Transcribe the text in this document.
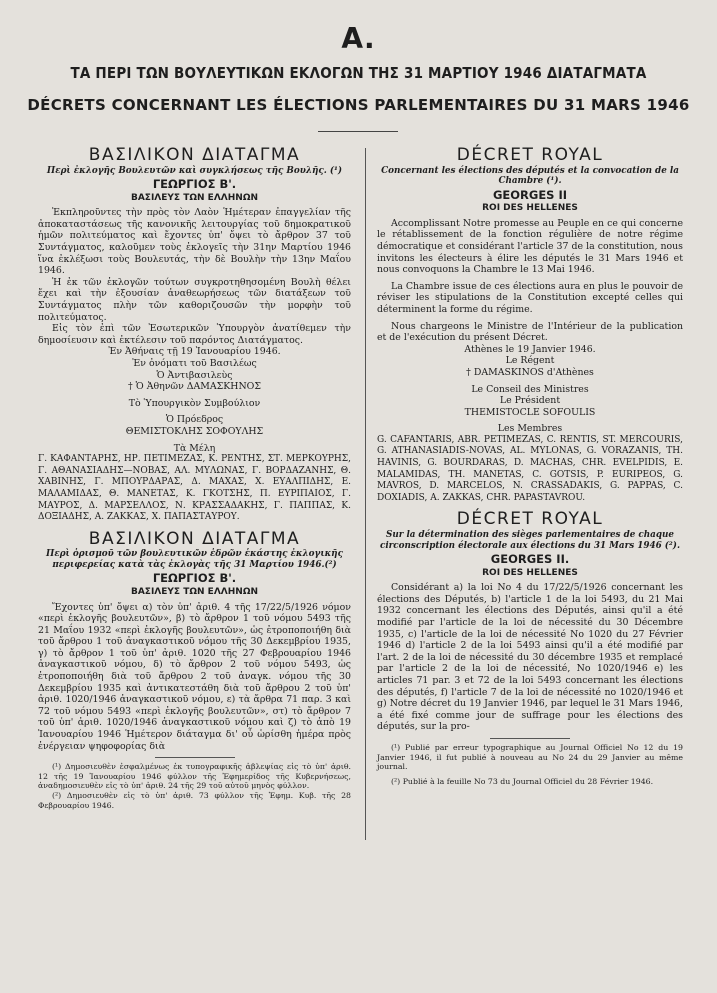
Α.
ΤΑ ΠΕΡΙ ΤΩΝ ΒΟΥΛΕΥΤΙΚΩΝ ΕΚΛΟΓΩΝ ΤΗΣ 31 ΜΑΡΤΙΟΥ 1946 ΔΙΑΤΑΓΜΑΤΑ
DÉCRETS CONCERNANT LES ÉLECTIONS PARLEMENTAIRES DU 31 MARS 1946
ΒΑΣΙΛΙΚΟΝ ΔΙΑΤΑΓΜΑ

Περὶ ἐκλογῆς Βουλευτῶν καὶ συγκλήσεως τῆς Βουλῆς. (¹)

ΓΕΩΡΓΙΟΣ Β'.
ΒΑΣΙΛΕΥΣ ΤΩΝ ΕΛΛΗΝΩΝ

Ἐκπληροῦντες τὴν πρὸς τὸν Λαὸν Ἡμέτεραν ἐπαγγελίαν τῆς ἀποκαταστάσεως τῆς κανονικῆς λειτουργίας τοῦ δημοκρατικοῦ ἡμῶν πολιτεύματος καὶ ἔχοντες ὑπ' ὄψει τὸ ἄρθρον 37 τοῦ Συντάγματος, καλοῦμεν τοὺς ἐκλογεῖς τὴν 31ην Μαρτίου 1946 ἵνα ἐκλέξωσι τοὺς Βουλευτάς, τὴν δὲ Βουλὴν τὴν 13ην Μαΐου 1946.

Ἡ ἐκ τῶν ἐκλογῶν τούτων συγκροτηθησομένη Βουλὴ θέλει ἔχει καὶ τὴν ἐξουσίαν ἀναθεωρήσεως τῶν διατάξεων τοῦ Συντάγματος πλὴν τῶν καθοριζουσῶν τὴν μορφὴν τοῦ πολιτεύματος.

Εἰς τὸν ἐπὶ τῶν Ἐσωτερικῶν Ὑπουργὸν ἀνατίθεμεν τὴν δημοσίευσιν καὶ ἐκτέλεσιν τοῦ παρόντος Διατάγματος.

Ἐν Ἀθήναις τῇ 19 Ἰανουαρίου 1946.

Ἐν ὀνόματι τοῦ Βασιλέως

Ὁ Ἀντιβασιλεὺς

† Ὁ Ἀθηνῶν ΔΑΜΑΣΚΗΝΟΣ

Τὸ Ὑπουργικὸν Συμβούλιον

Ὁ Πρόεδρος

ΘΕΜΙΣΤΟΚΛΗΣ ΣΟΦΟΥΛΗΣ

Τὰ Μέλη

Γ. ΚΑΦΑΝΤΑΡΗΣ, ΗΡ. ΠΕΤΙΜΕΖΑΣ, Κ. ΡΕΝΤΗΣ, ΣΤ. ΜΕΡΚΟΥΡΗΣ, Γ. ΑΘΑΝΑΣΙΑΔΗΣ—ΝΟΒΑΣ, ΑΛ. ΜΥΛΩΝΑΣ, Γ. ΒΟΡΔΑΖΑΝΗΣ, Θ. ΧΑΒΙΝΗΣ, Γ. ΜΠΟΥΡΔΑΡΑΣ, Δ. ΜΑΧΑΣ, Χ. ΕΥΑΛΠΙΔΗΣ, Ε. ΜΑΛΑΜΙΔΑΣ, Θ. ΜΑΝΕΤΑΣ, Κ. ΓΚΟΤΣΗΣ, Π. ΕΥΡΙΠΑΙΟΣ, Γ. ΜΑΥΡΟΣ, Δ. ΜΑΡΣΕΛΛΟΣ, Ν. ΚΡΑΣΣΑΔΑΚΗΣ, Γ. ΠΑΠΠΑΣ, Κ. ΔΟΞΙΑΔΗΣ, Α. ΖΑΚΚΑΣ, Χ. ΠΑΠΑΣΤΑΥΡΟΥ.

ΒΑΣΙΛΙΚΟΝ ΔΙΑΤΑΓΜΑ

Περὶ ὁρισμοῦ τῶν βουλευτικῶν ἑδρῶν ἑκάστης ἐκλογικῆς περιφερείας κατὰ τὰς ἐκλογὰς τῆς 31 Μαρτίου 1946.(²)

ΓΕΩΡΓΙΟΣ Β'.
ΒΑΣΙΛΕΥΣ ΤΩΝ ΕΛΛΗΝΩΝ

Ἔχοντες ὑπ' ὄψει α) τὸν ὑπ' ἀριθ. 4 τῆς 17/22/5/1926 νόμον «περὶ ἐκλογῆς βουλευτῶν», β) τὸ ἄρθρον 1 τοῦ νόμου 5493 τῆς 21 Μαΐου 1932 «περὶ ἐκλογῆς βουλευτῶν», ὡς ἐτροποποιήθη διὰ τοῦ ἄρθρου 1 τοῦ ἀναγκαστικοῦ νόμου τῆς 30 Δεκεμβρίου 1935, γ) τὸ ἄρθρον 1 τοῦ ὑπ' ἀριθ. 1020 τῆς 27 Φεβρουαρίου 1946 ἀναγκαστικοῦ νόμου, δ) τὸ ἄρθρον 2 τοῦ νόμου 5493, ὡς ἐτροποποιήθη διὰ τοῦ ἄρθρου 2 τοῦ ἀναγκ. νόμου τῆς 30 Δεκεμβρίου 1935 καὶ ἀντικατεστάθη διὰ τοῦ ἄρθρου 2 τοῦ ὑπ' ἀριθ. 1020/1946 ἀναγκαστικοῦ νόμου, ε) τὰ ἄρθρα 71 παρ. 3 καὶ 72 τοῦ νόμου 5493 «περὶ ἐκλογῆς βουλευτῶν», στ) τὸ ἄρθρον 7 τοῦ ὑπ' ἀριθ. 1020/1946 ἀναγκαστικοῦ νόμου καὶ ζ) τὸ ἀπὸ 19 Ἰανουαρίου 1946 Ἡμέτερον διάταγμα δι' οὗ ὡρίσθη ἡμέρα πρὸς ἐνέργειαν ψηφοφορίας διὰ

(¹) Δημοσιευθὲν ἐσφαλμένως ἐκ τυπογραφικῆς ἀβλεψίας εἰς τὸ ὑπ' ἀριθ. 12 τῆς 19 Ἰανουαρίου 1946 φύλλον τῆς Ἐφημερίδος τῆς Κυβερνήσεως, ἀναδημοσιευθὲν εἰς τὸ ὑπ' ἀριθ. 24 τῆς 29 τοῦ αὐτοῦ μηνὸς φύλλον.

(²) Δημοσιευθὲν εἰς τὸ ὑπ' ἀριθ. 73 φύλλον τῆς Ἐφημ. Κυβ. τῆς 28 Φεβρουαρίου 1946.

DÉCRET ROYAL

Concernant les élections des députés et la convocation de la Chambre (¹).

GEORGES II
ROI DES HELLENES

Accomplissant Notre promesse au Peuple en ce qui concerne le rétablissement de la fonction régulière de notre régime démocratique et considérant l'article 37 de la constitution, nous invitons les électeurs à élire les députés le 31 Mars 1946 et nous convoquons la Chambre le 13 Mai 1946.

La Chambre issue de ces élections aura en plus le pouvoir de réviser les stipulations de la Constitution excepté celles qui déterminent la forme du régime.

Nous chargeons le Ministre de l'Intérieur de la publication et de l'exécution du présent Décret.

Athènes le 19 Janvier 1946.

Le Régent

† DAMASKINOS d'Athènes

Le Conseil des Ministres

Le Président

THEMISTOCLE SOFOULIS

Les Membres

G. CAFANTARIS, ABR. PETIMEZAS, C. RENTIS, ST. MERCOURIS, G. ATHANASIADIS-NOVAS, AL. MYLONAS, G. VORAZANIS, TH. HAVINIS, G. BOURDARAS, D. MACHAS, CHR. EVELPIDIS, E. MALAMIDAS, TH. MANETAS, C. GOTSIS, P. EURIPEOS, G. MAVROS, D. MARCELOS, N. CRASSADAKIS, G. PAPPAS, C. DOXIADIS, A. ZAKKAS, CHR. PAPASTAVROU.

DÉCRET ROYAL

Sur la détermination des sièges parlementaires de chaque circonscription électorale aux élections du 31 Mars 1946 (²).

GEORGES II.
ROI DES HELLENES

Considérant a) la loi No 4 du 17/22/5/1926 concernant les élections des Députés, b) l'article 1 de la loi 5493, du 21 Mai 1932 concernant les élections des Députés, ainsi qu'il a été modifié par l'article de la loi de nécessité du 30 Décembre 1935, c) l'article de la loi de nécessité No 1020 du 27 Février 1946 d) l'article 2 de la loi 5493 ainsi qu'il a été modifié par l'art. 2 de la loi de nécessité du 30 décembre 1935 et remplacé par l'article 2 de la loi de nécessité, No 1020/1946 e) les articles 71 par. 3 et 72 de la loi 5493 concernant les élections des députés, f) l'article 7 de la loi de nécessité no 1020/1946 et g) Notre décret du 19 Janvier 1946, par lequel le 31 Mars 1946, a été fixé comme jour de suffrage pour les élections des députés, sur la pro-

(¹) Publié par erreur typographique au Journal Officiel No 12 du 19 Janvier 1946, il fut publié à nouveau au No 24 du 29 Janvier au même journal.

(²) Publié à la feuille No 73 du Journal Officiel du 28 Février 1946.
